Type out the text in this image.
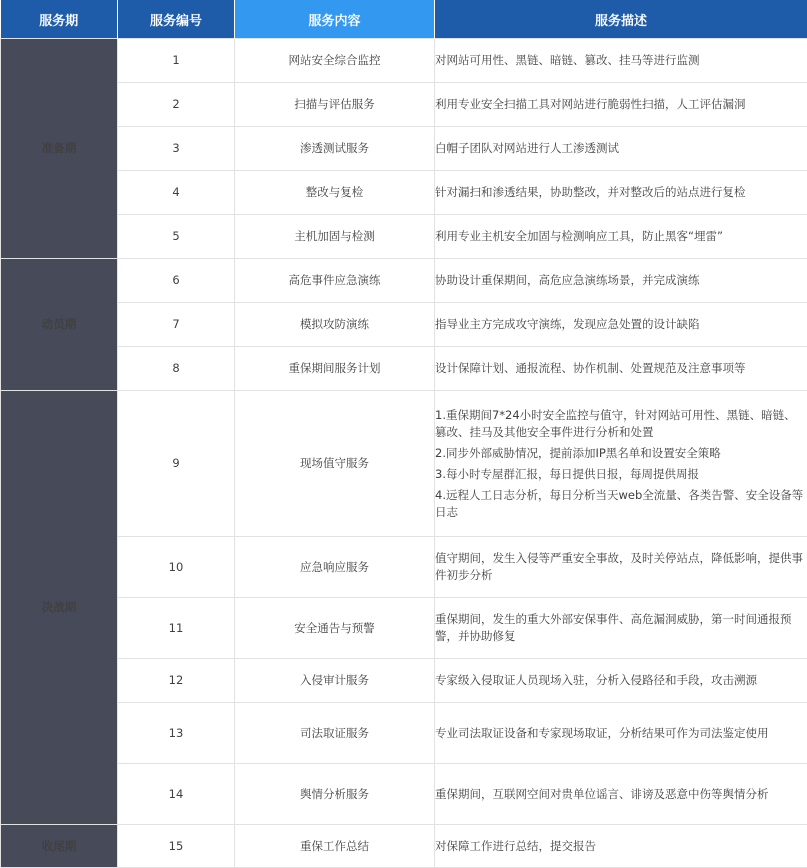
服务期	服务编号	服务内容	服务描述
准备期	1	网站安全综合监控	对网站可用性、黑链、暗链、篡改、挂马等进行监测
	2	扫描与评估服务	利用专业安全扫描工具对网站进行脆弱性扫描，人工评估漏洞
	3	渗透测试服务	白帽子团队对网站进行人工渗透测试
	4	整改与复检	针对漏扫和渗透结果，协助整改，并对整改后的站点进行复检
	5	主机加固与检测	利用专业主机安全加固与检测响应工具，防止黑客“埋雷”
动员期	6	高危事件应急演练	协助设计重保期间，高危应急演练场景，并完成演练
	7	模拟攻防演练	指导业主方完成攻守演练，发现应急处置的设计缺陷
	8	重保期间服务计划	设计保障计划、通报流程、协作机制、处置规范及注意事项等
决战期	9	现场值守服务	1.重保期间7*24小时安全监控与值守，针对网站可用性、黑链、暗链、篡改、挂马及其他安全事件进行分析和处置

2.同步外部威胁情况，提前添加IP黑名单和设置安全策略

3.每小时专屋群汇报，每日提供日报，每周提供周报

4.远程人工日志分析，每日分析当天web全流量、各类告警、安全设备等日志

	10	应急响应服务	值守期间，发生入侵等严重安全事故，及时关停站点，降低影响，提供事件初步分析
	11	安全通告与预警	重保期间，发生的重大外部安保事件、高危漏洞威胁，第一时间通报预警，并协助修复
	12	入侵审计服务	专家级入侵取证人员现场入驻，分析入侵路径和手段，攻击溯源
	13	司法取证服务	专业司法取证设备和专家现场取证，分析结果可作为司法鉴定使用
	14	舆情分析服务	重保期间，互联网空间对贵单位谣言、诽谤及恶意中伤等舆情分析
收尾期	15	重保工作总结	对保障工作进行总结，提交报告
